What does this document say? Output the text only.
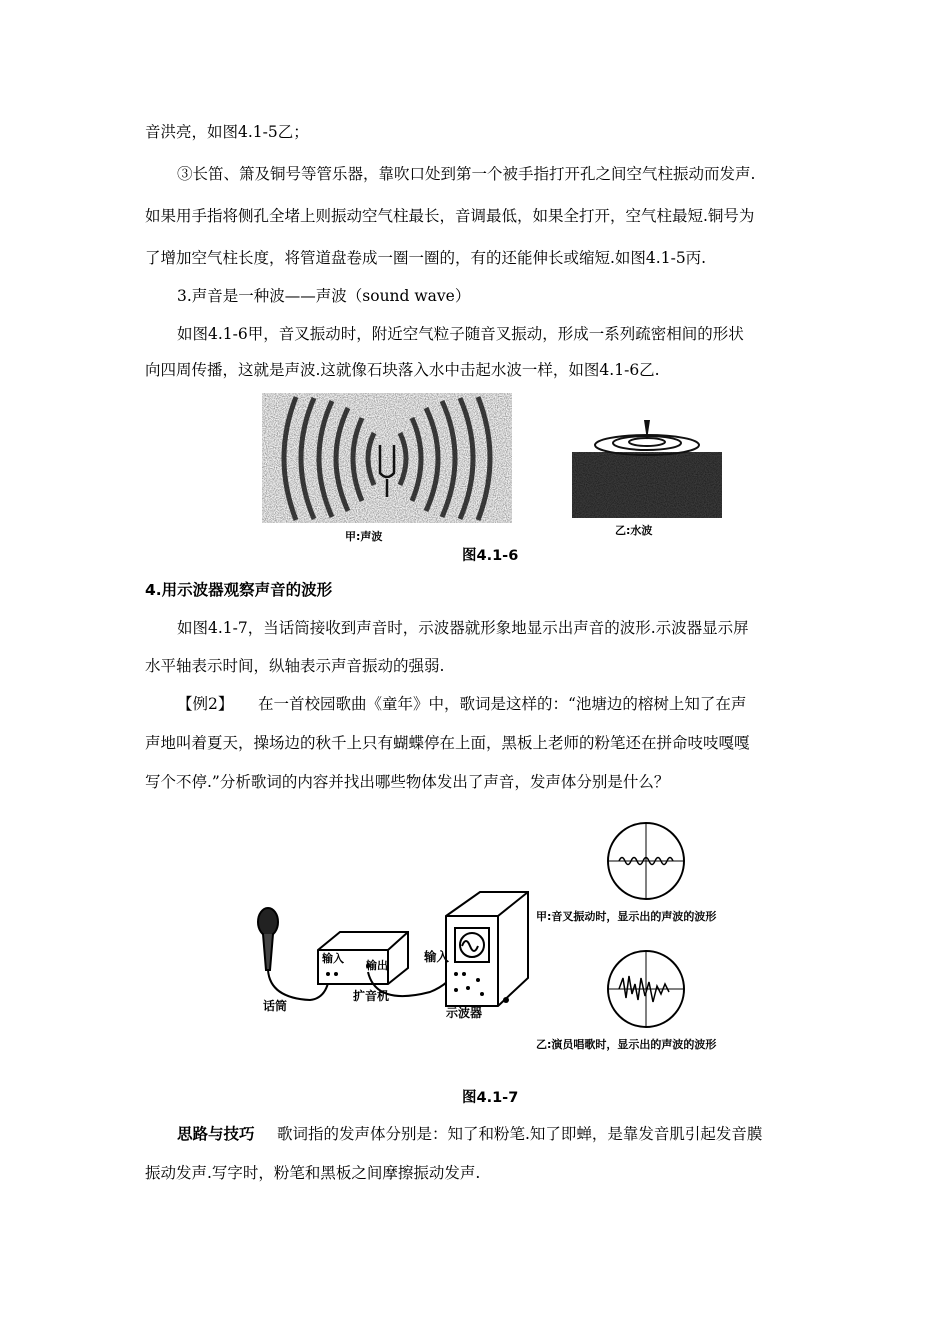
音洪亮，如图4.1-5乙；
③长笛、箫及铜号等管乐器，靠吹口处到第一个被手指打开孔之间空气柱振动而发声.
如果用手指将侧孔全堵上则振动空气柱最长，音调最低，如果全打开，空气柱最短.铜号为
了增加空气柱长度，将管道盘卷成一圈一圈的，有的还能伸长或缩短.如图4.1-5丙.
3.声音是一种波——声波（sound wave）
如图4.1-6甲，音叉振动时，附近空气粒子随音叉振动，形成一系列疏密相间的形状
向四周传播，这就是声波.这就像石块落入水中击起水波一样，如图4.1-6乙.
甲:声波	乙:水波
图4.1-6
4.用示波器观察声音的波形
如图4.1-7，当话筒接收到声音时，示波器就形象地显示出声音的波形.示波器显示屏
水平轴表示时间，纵轴表示声音振动的强弱.
【例2】 在一首校园歌曲《童年》中，歌词是这样的：“池塘边的榕树上知了在声
声地叫着夏天，操场边的秋千上只有蝴蝶停在上面，黑板上老师的粉笔还在拼命吱吱嘎嘎
写个不停.”分析歌词的内容并找出哪些物体发出了声音，发声体分别是什么？
输入
输出
输入
话筒
扩音机
示波器
甲:音叉振动时，显示出的声波的波形
乙:演员唱歌时，显示出的声波的波形
图4.1-7
思路与技巧 歌词指的发声体分别是：知了和粉笔.知了即蝉，是靠发音肌引起发音膜
振动发声.写字时，粉笔和黑板之间摩擦振动发声.
